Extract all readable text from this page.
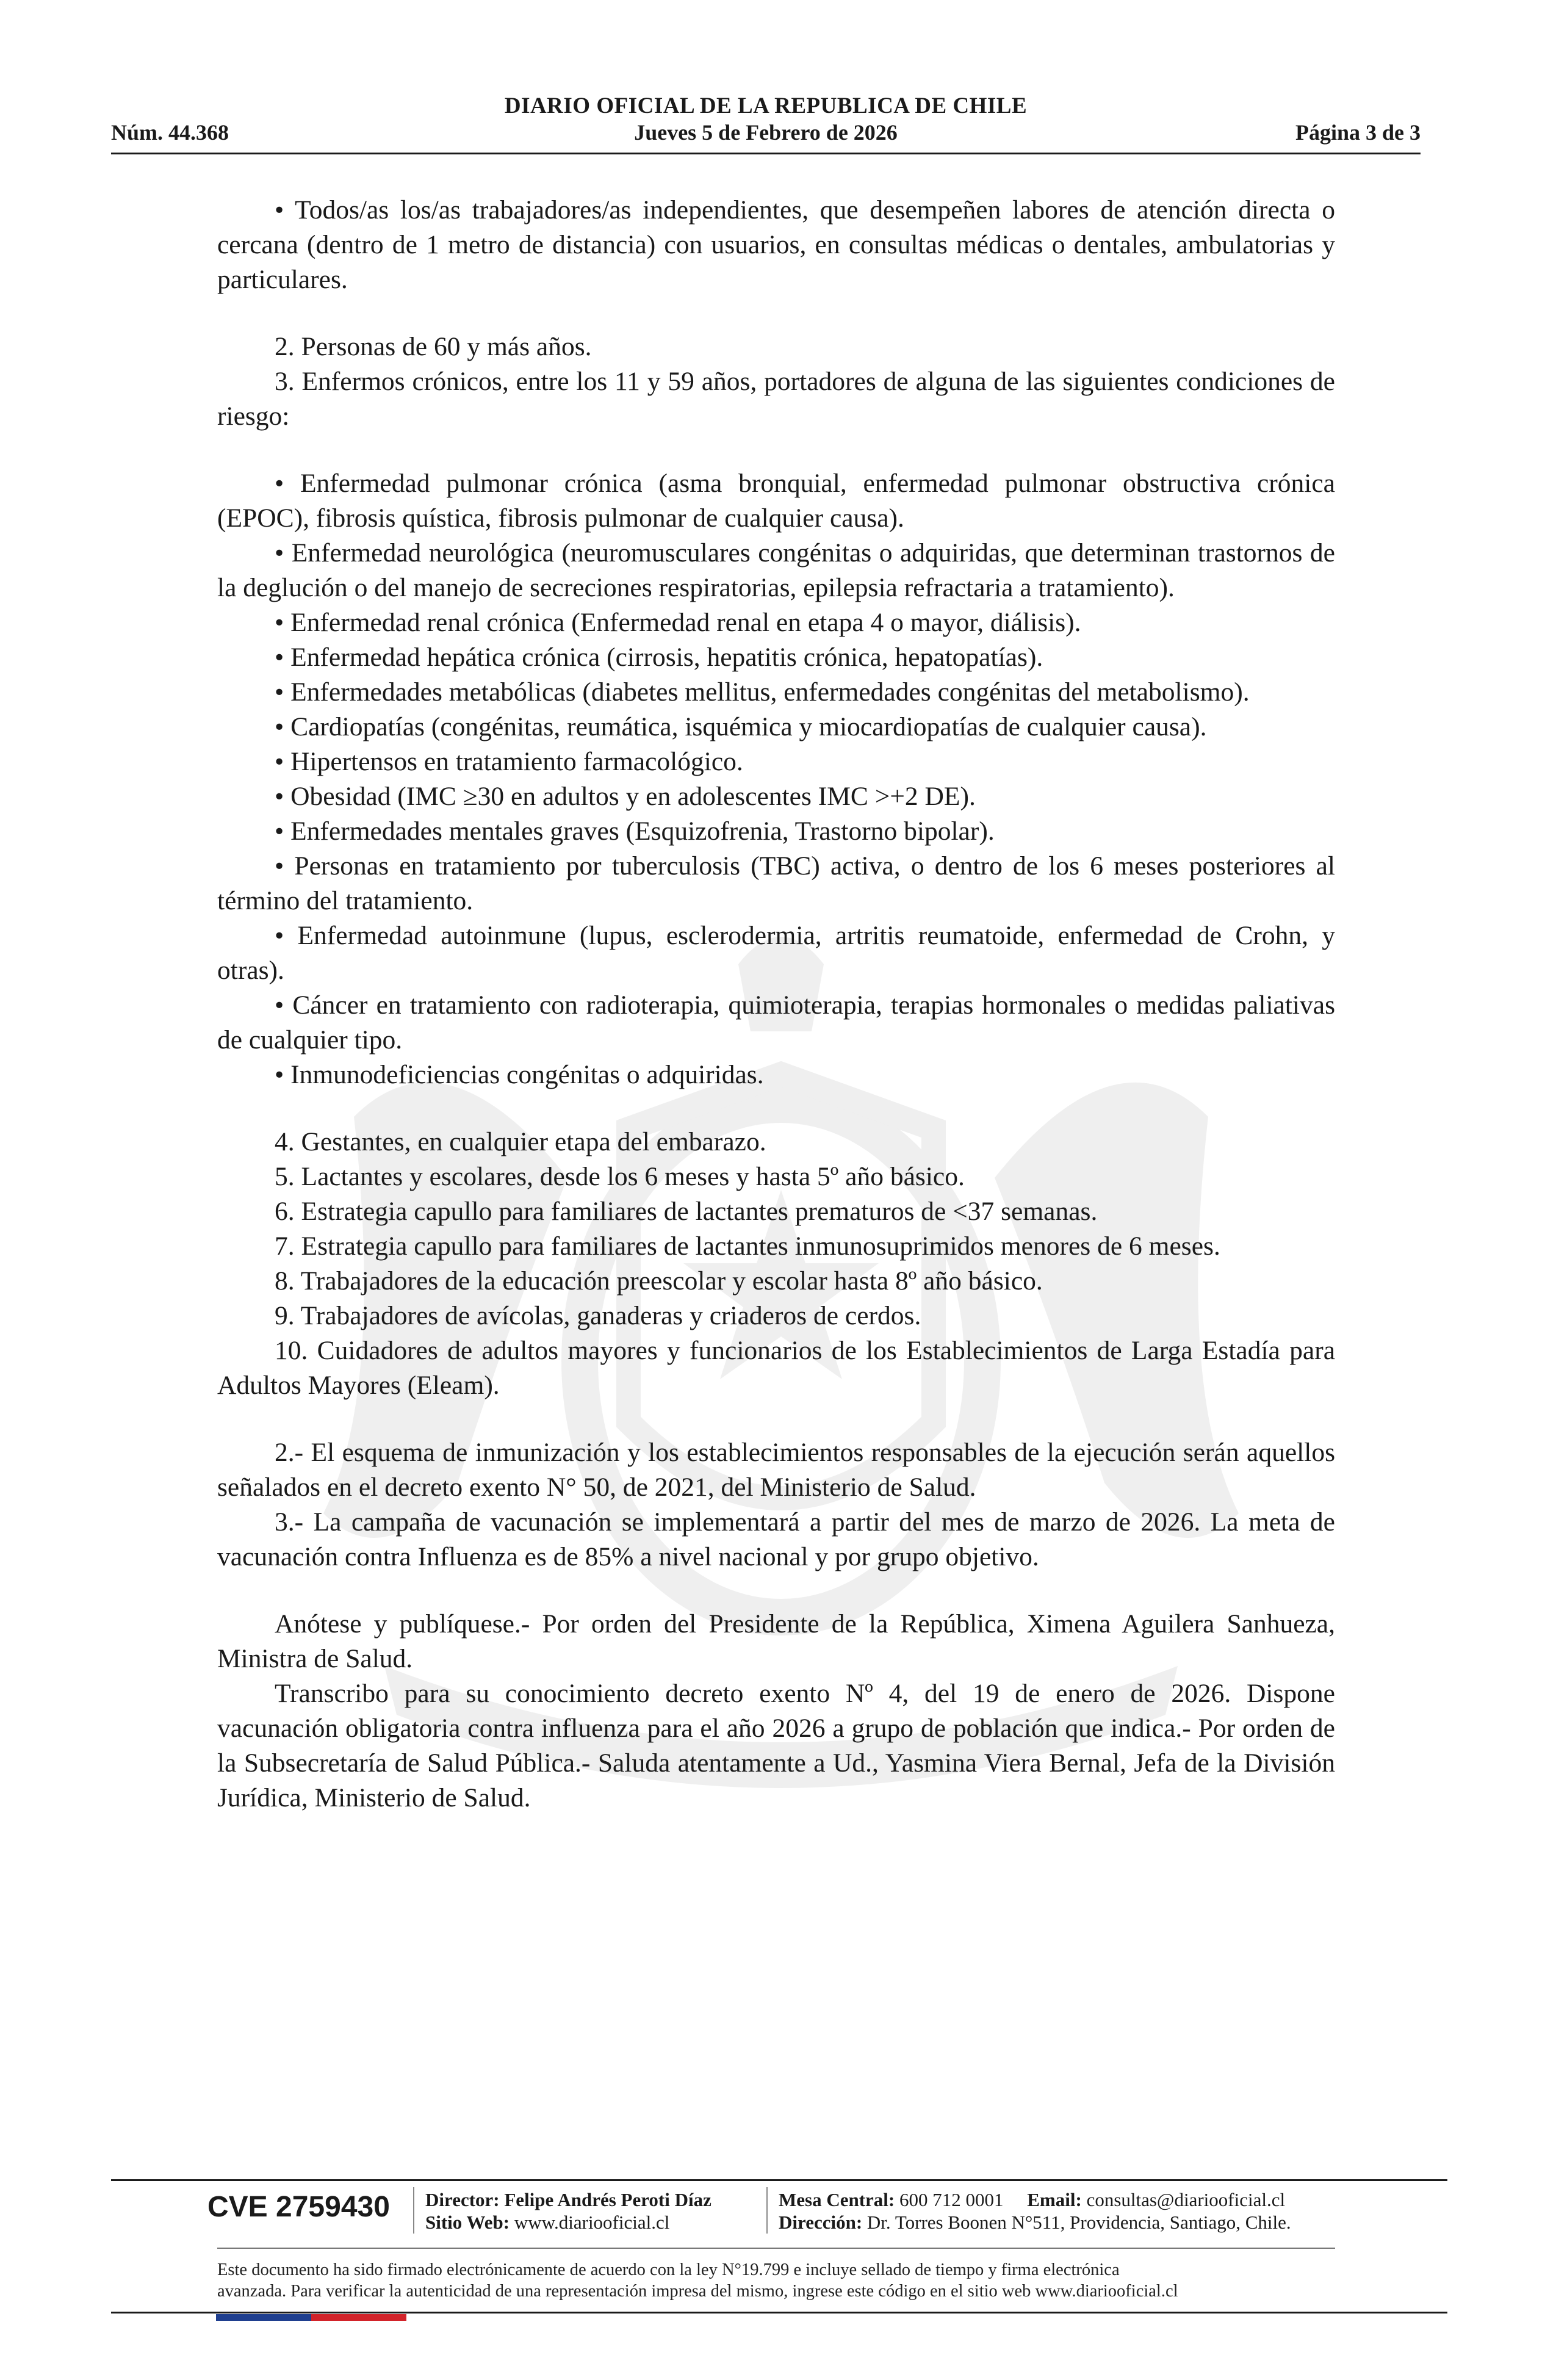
DIARIO OFICIAL DE LA REPUBLICA DE CHILE
Núm. 44.368	Jueves 5 de Febrero de 2026	Página 3 de 3

• Todos/as los/as trabajadores/as independientes, que desempeñen labores de atención directa o cercana (dentro de 1 metro de distancia) con usuarios, en consultas médicas o dentales, ambulatorias y particulares.

2. Personas de 60 y más años.

3. Enfermos crónicos, entre los 11 y 59 años, portadores de alguna de las siguientes condiciones de riesgo:

• Enfermedad pulmonar crónica (asma bronquial, enfermedad pulmonar obstructiva crónica (EPOC), fibrosis quística, fibrosis pulmonar de cualquier causa).

• Enfermedad neurológica (neuromusculares congénitas o adquiridas, que determinan trastornos de la deglución o del manejo de secreciones respiratorias, epilepsia refractaria a tratamiento).

• Enfermedad renal crónica (Enfermedad renal en etapa 4 o mayor, diálisis).

• Enfermedad hepática crónica (cirrosis, hepatitis crónica, hepatopatías).

• Enfermedades metabólicas (diabetes mellitus, enfermedades congénitas del metabolismo).

• Cardiopatías (congénitas, reumática, isquémica y miocardiopatías de cualquier causa).

• Hipertensos en tratamiento farmacológico.

• Obesidad (IMC ≥30 en adultos y en adolescentes IMC >+2 DE).

• Enfermedades mentales graves (Esquizofrenia, Trastorno bipolar).

• Personas en tratamiento por tuberculosis (TBC) activa, o dentro de los 6 meses posteriores al término del tratamiento.

• Enfermedad autoinmune (lupus, esclerodermia, artritis reumatoide, enfermedad de Crohn, y otras).

• Cáncer en tratamiento con radioterapia, quimioterapia, terapias hormonales o medidas paliativas de cualquier tipo.

• Inmunodeficiencias congénitas o adquiridas.

4. Gestantes, en cualquier etapa del embarazo.

5. Lactantes y escolares, desde los 6 meses y hasta 5º año básico.

6. Estrategia capullo para familiares de lactantes prematuros de <37 semanas.

7. Estrategia capullo para familiares de lactantes inmunosuprimidos menores de 6 meses.

8. Trabajadores de la educación preescolar y escolar hasta 8º año básico.

9. Trabajadores de avícolas, ganaderas y criaderos de cerdos.

10. Cuidadores de adultos mayores y funcionarios de los Establecimientos de Larga Estadía para Adultos Mayores (Eleam).

2.- El esquema de inmunización y los establecimientos responsables de la ejecución serán aquellos señalados en el decreto exento N° 50, de 2021, del Ministerio de Salud.

3.- La campaña de vacunación se implementará a partir del mes de marzo de 2026. La meta de vacunación contra Influenza es de 85% a nivel nacional y por grupo objetivo.

Anótese y publíquese.- Por orden del Presidente de la República, Ximena Aguilera Sanhueza, Ministra de Salud.

Transcribo para su conocimiento decreto exento Nº 4, del 19 de enero de 2026. Dispone vacunación obligatoria contra influenza para el año 2026 a grupo de población que indica.- Por orden de la Subsecretaría de Salud Pública.- Saluda atentamente a Ud., Yasmina Viera Bernal, Jefa de la División Jurídica, Ministerio de Salud.

CVE 2759430 Director: Felipe Andrés Peroti Díaz
Sitio Web: www.diariooficial.cl
Mesa Central: 600 712 0001 Email: consultas@diariooficial.cl
Dirección: Dr. Torres Boonen N°511, Providencia, Santiago, Chile.
Este documento ha sido firmado electrónicamente de acuerdo con la ley N°19.799 e incluye sellado de tiempo y firma electrónica
avanzada. Para verificar la autenticidad de una representación impresa del mismo, ingrese este código en el sitio web www.diariooficial.cl
